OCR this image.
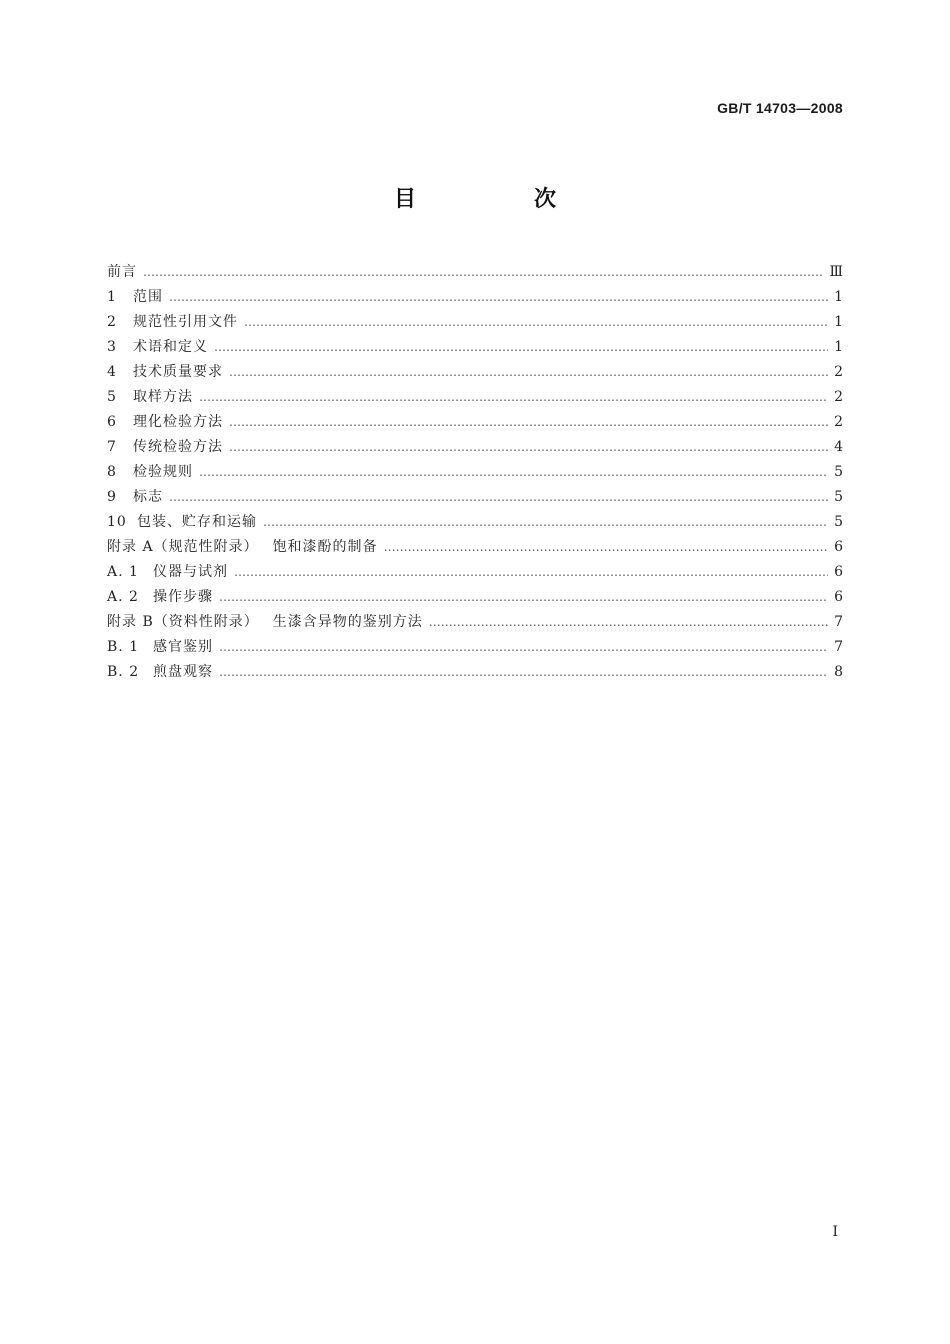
GB/T 14703—2008
目　次
前言 ……………………………………………………………………………………………………………………………………………………………………………………………………	Ⅲ
1	范围 ……………………………………………………………………………………………………………………………………………………………………………………………………	1
2	规范性引用文件 ……………………………………………………………………………………………………………………………………………………………………………………………………	1
3	术语和定义 ……………………………………………………………………………………………………………………………………………………………………………………………………	1
4	技术质量要求 ……………………………………………………………………………………………………………………………………………………………………………………………………	2
5	取样方法 ……………………………………………………………………………………………………………………………………………………………………………………………………	2
6	理化检验方法 ……………………………………………………………………………………………………………………………………………………………………………………………………	2
7	传统检验方法 ……………………………………………………………………………………………………………………………………………………………………………………………………	4
8	检验规则 ……………………………………………………………………………………………………………………………………………………………………………………………………	5
9	标志 ……………………………………………………………………………………………………………………………………………………………………………………………………	5
10 包装、贮存和运输 ……………………………………………………………………………………………………………………………………………………………………………………………………	5
附录 A（规范性附录） 饱和漆酚的制备 ……………………………………………………………………………………………………………………………………………………………………………………………………	6
A. 1	仪器与试剂 ……………………………………………………………………………………………………………………………………………………………………………………………………	6
A. 2	操作步骤 ……………………………………………………………………………………………………………………………………………………………………………………………………	6
附录 B（资料性附录） 生漆含异物的鉴别方法 ……………………………………………………………………………………………………………………………………………………………………………………………………	7
B. 1 感官鉴别 ……………………………………………………………………………………………………………………………………………………………………………………………………	7
B. 2 煎盘观察 ……………………………………………………………………………………………………………………………………………………………………………………………………	8
I
